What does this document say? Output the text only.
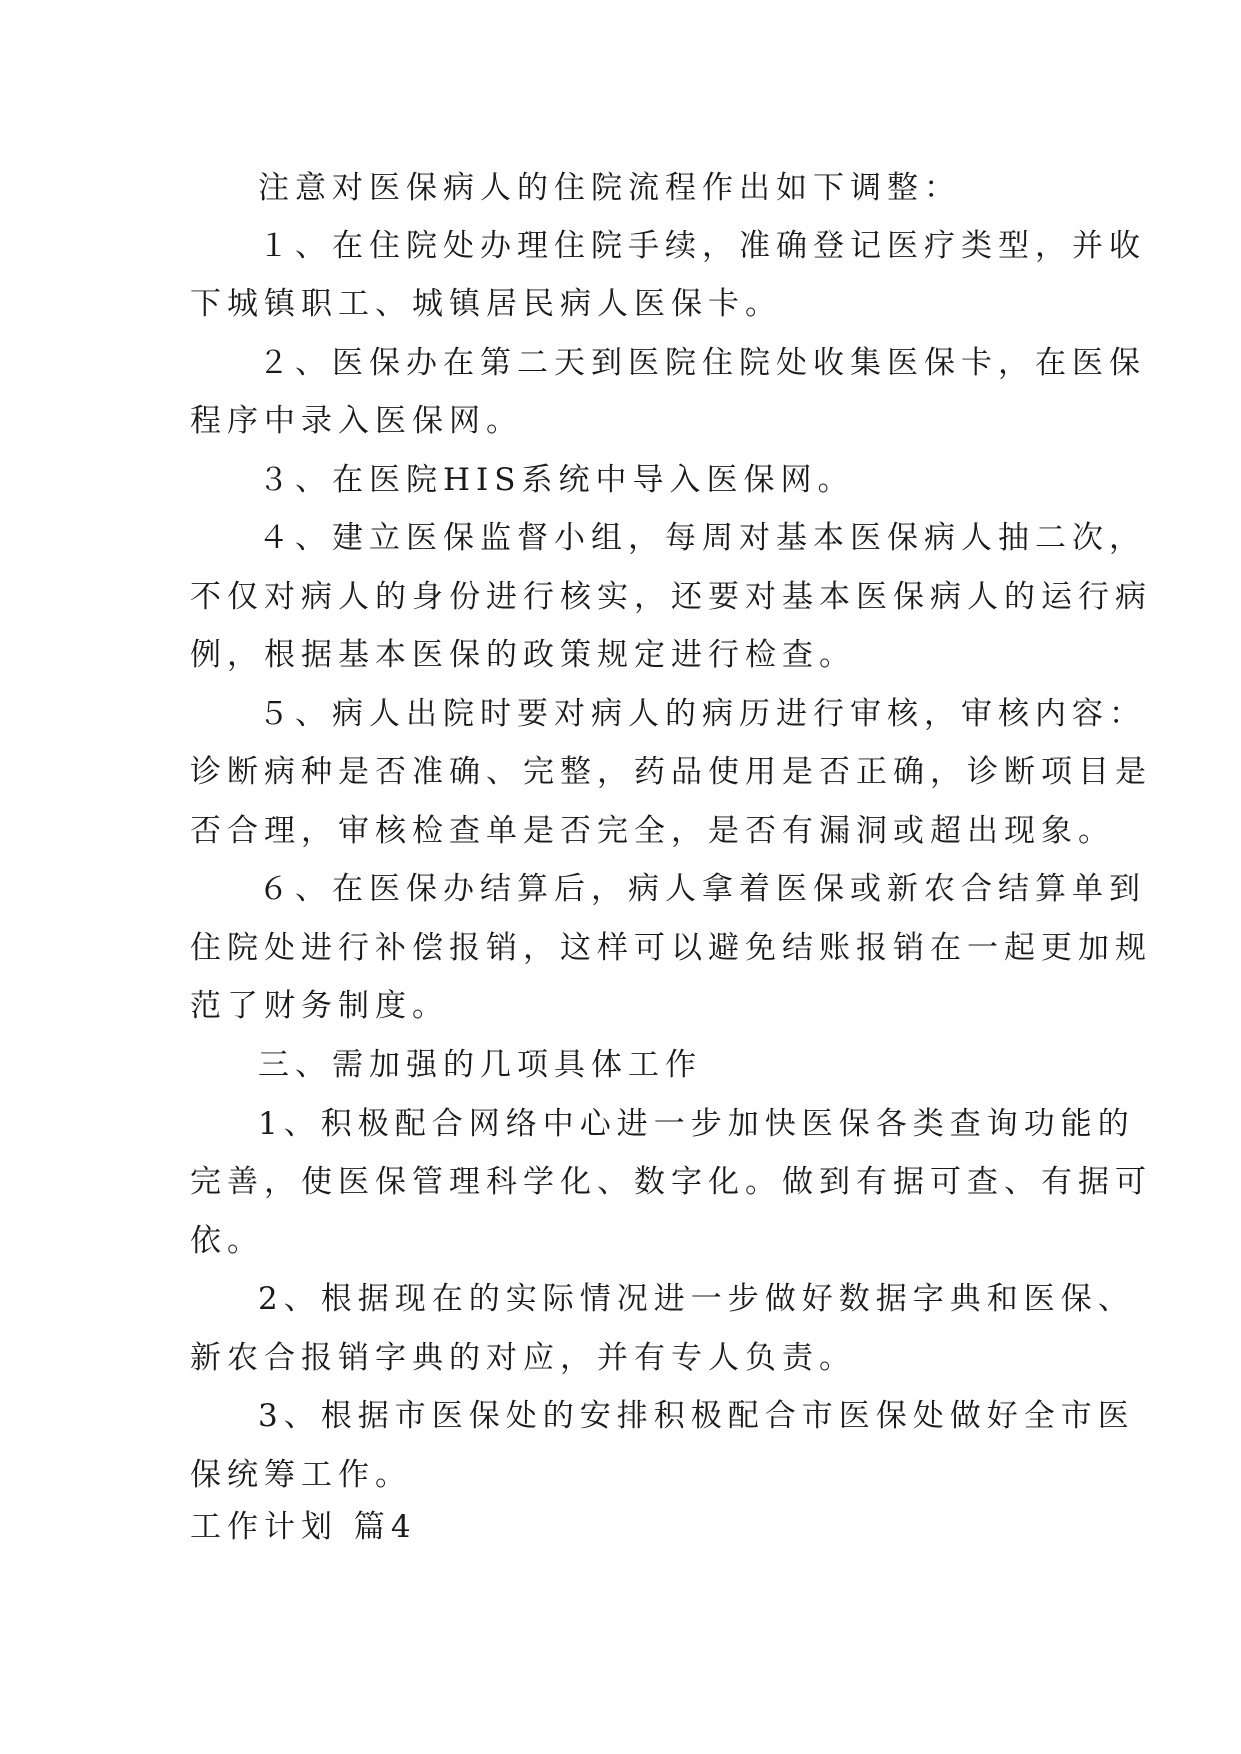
注意对医保病人的住院流程作出如下调整：
１、在住院处办理住院手续，准确登记医疗类型，并收
下城镇职工、城镇居民病人医保卡。
２、医保办在第二天到医院住院处收集医保卡，在医保
程序中录入医保网。
３、在医院HIS系统中导入医保网。
４、建立医保监督小组，每周对基本医保病人抽二次，
不仅对病人的身份进行核实，还要对基本医保病人的运行病
例，根据基本医保的政策规定进行检查。
５、病人出院时要对病人的病历进行审核，审核内容：
诊断病种是否准确、完整，药品使用是否正确，诊断项目是
否合理，审核检查单是否完全，是否有漏洞或超出现象。
６、在医保办结算后，病人拿着医保或新农合结算单到
住院处进行补偿报销，这样可以避免结账报销在一起更加规
范了财务制度。
三、需加强的几项具体工作
1、积极配合网络中心进一步加快医保各类查询功能的
完善，使医保管理科学化、数字化。做到有据可查、有据可
依。
2、根据现在的实际情况进一步做好数据字典和医保、
新农合报销字典的对应，并有专人负责。
3、根据市医保处的安排积极配合市医保处做好全市医
保统筹工作。
工作计划 篇4
